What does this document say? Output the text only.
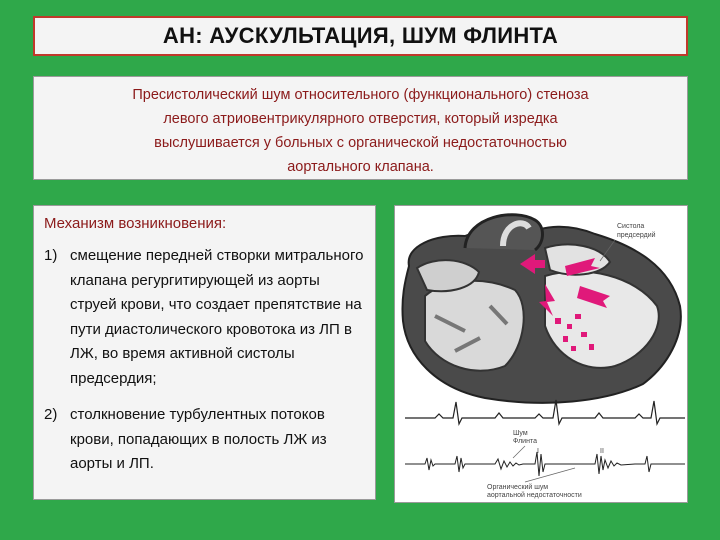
АН: АУСКУЛЬТАЦИЯ, ШУМ ФЛИНТА

Пресистолический шум относительного (функционального) стеноза

левого атриовентрикулярного отверстия, который изредка

выслушивается у больных с органической недостаточностью

аортального клапана.

Механизм возникновения:
1) смещение передней створки митрального клапана регургитирующей из аорты струей крови, что создает препятствие на пути диастолического кровотока из ЛП в ЛЖ, во время активной систолы предсердия;
2) столкновение турбулентных потоков крови, попадающих в полость ЛЖ из аорты и ЛП.
Систола
предсердий
Шум
Флинта
I	II
Органический шум
аортальной недостаточности
